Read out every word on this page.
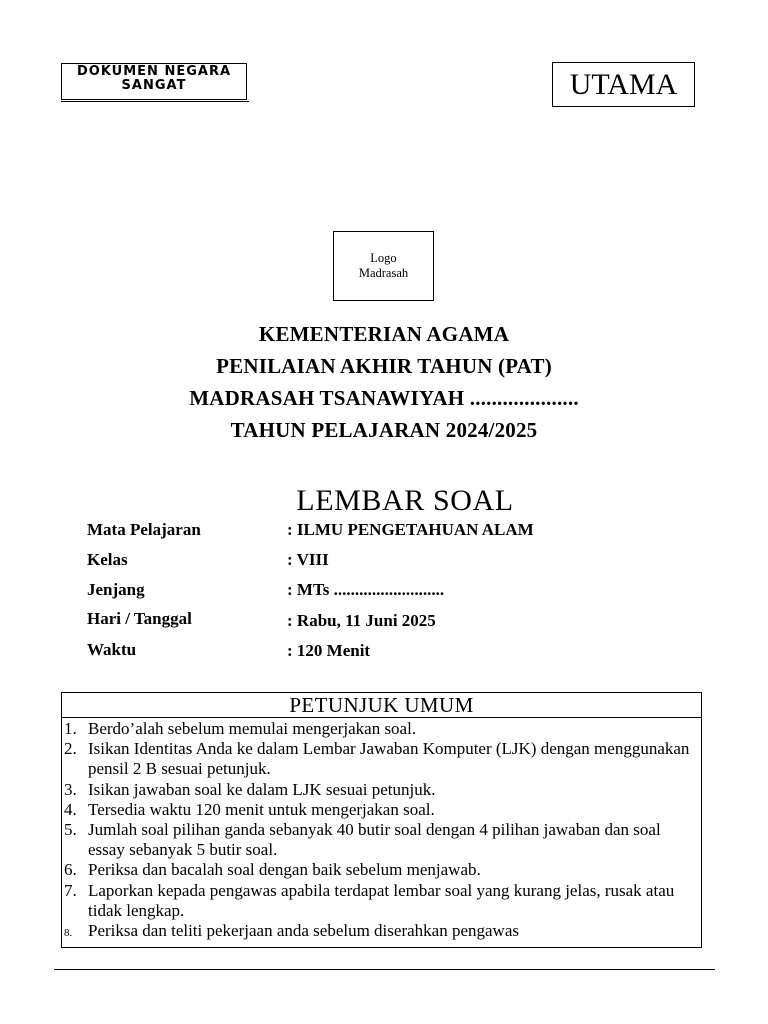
DOKUMEN NEGARA SANGAT	UTAMA
Logo
Madrasah
KEMENTERIAN AGAMA
PENILAIAN AKHIR TAHUN (PAT)
MADRASAH TSANAWIYAH ....................
TAHUN PELAJARAN 2024/2025
LEMBAR SOAL
Mata Pelajaran	: ILMU PENGETAHUAN ALAM
Kelas	: VIII
Jenjang	: MTs ..........................
Hari / Tanggal	: Rabu, 11 Juni 2025
Waktu	: 120 Menit
PETUNJUK UMUM
1. Berdo’alah sebelum memulai mengerjakan soal.
2. Isikan Identitas Anda ke dalam Lembar Jawaban Komputer (LJK) dengan menggunakan pensil 2 B sesuai petunjuk.
3. Isikan jawaban soal ke dalam LJK sesuai petunjuk.
4. Tersedia waktu 120 menit untuk mengerjakan soal.
5. Jumlah soal pilihan ganda sebanyak 40 butir soal dengan 4 pilihan jawaban dan soal essay sebanyak 5 butir soal.
6. Periksa dan bacalah soal dengan baik sebelum menjawab.
7. Laporkan kepada pengawas apabila terdapat lembar soal yang kurang jelas, rusak atau tidak lengkap.
8. Periksa dan teliti pekerjaan anda sebelum diserahkan pengawas
